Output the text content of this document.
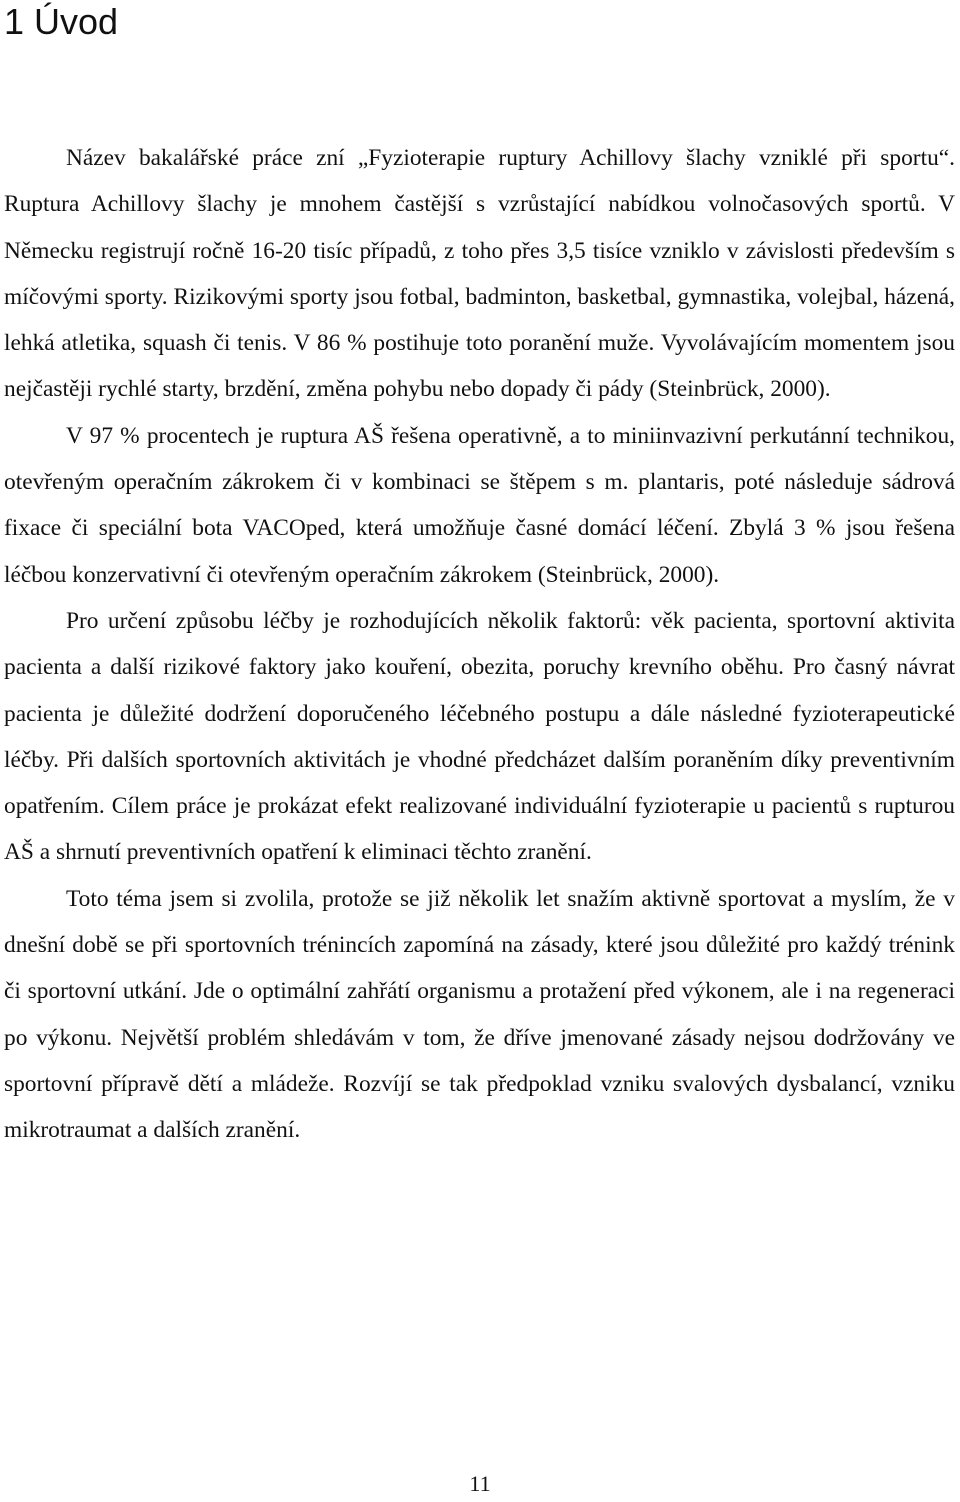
1 Úvod

Název bakalářské práce zní „Fyzioterapie ruptury Achillovy šlachy vzniklé při sportu“. Ruptura Achillovy šlachy je mnohem častější s vzrůstající nabídkou volnočasových sportů. V Německu registrují ročně 16-20 tisíc případů, z toho přes 3,5 tisíce vzniklo v závislosti především s míčovými sporty. Rizikovými sporty jsou fotbal, badminton, basketbal, gymnastika, volejbal, házená, lehká atletika, squash či tenis. V 86 % postihuje toto poranění muže. Vyvolávajícím momentem jsou nejčastěji rychlé starty, brzdění, změna pohybu nebo dopady či pády (Steinbrück, 2000).

V 97 % procentech je ruptura AŠ řešena operativně, a to miniinvazivní perkutánní technikou, otevřeným operačním zákrokem či v kombinaci se štěpem s m. plantaris, poté následuje sádrová fixace či speciální bota VACOped, která umožňuje časné domácí léčení. Zbylá 3 % jsou řešena léčbou konzervativní či otevřeným operačním zákrokem (Steinbrück, 2000).

Pro určení způsobu léčby je rozhodujících několik faktorů: věk pacienta, sportovní aktivita pacienta a další rizikové faktory jako kouření, obezita, poruchy krevního oběhu. Pro časný návrat pacienta je důležité dodržení doporučeného léčebného postupu a dále následné fyzioterapeutické léčby. Při dalších sportovních aktivitách je vhodné předcházet dalším poraněním díky preventivním opatřením. Cílem práce je prokázat efekt realizované individuální fyzioterapie u pacientů s rupturou AŠ a shrnutí preventivních opatření k eliminaci těchto zranění.

Toto téma jsem si zvolila, protože se již několik let snažím aktivně sportovat a myslím, že v dnešní době se při sportovních trénincích zapomíná na zásady, které jsou důležité pro každý trénink či sportovní utkání. Jde o optimální zahřátí organismu a protažení před výkonem, ale i na regeneraci po výkonu. Největší problém shledávám v tom, že dříve jmenované zásady nejsou dodržovány ve sportovní přípravě dětí a mládeže. Rozvíjí se tak předpoklad vzniku svalových dysbalancí, vzniku mikrotraumat a dalších zranění.

11
